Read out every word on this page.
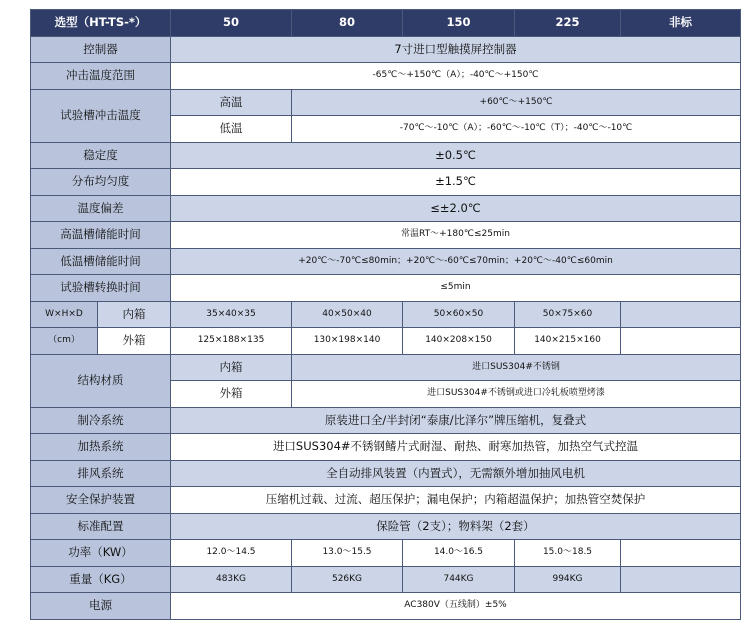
选型（HT-TS-*）		50	80	150	225	非标
控制器		7寸进口型触摸屏控制器				
冲击温度范围		-65℃～+150℃（A）；-40℃～+150℃				
试验槽冲击温度		高温	+60℃～+150℃			
		低温	-70℃～-10℃（A）；-60℃～-10℃（T）；-40℃～-10℃			
稳定度		±0.5℃				
分布均匀度		±1.5℃				
温度偏差		≤±2.0℃				
高温槽储能时间		常温RT～+180℃≤25min				
低温槽储能时间		+20℃～-70℃≤80min；+20℃～-60℃≤70min；+20℃～-40℃≤60min				
试验槽转换时间		≤5min				
W×H×D	内箱	35×40×35	40×50×40	50×60×50	50×75×60	
（cm）	外箱	125×188×135	130×198×140	140×208×150	140×215×160	
结构材质		内箱	进口SUS304#不锈钢			
		外箱	进口SUS304#不锈钢或进口冷轧板喷塑烤漆			
制冷系统		原装进口全/半封闭“泰康/比泽尔”牌压缩机，复叠式				
加热系统		进口SUS304#不锈钢鳍片式耐湿、耐热、耐寒加热管，加热空气式控温				
排风系统		全自动排风装置（内置式），无需额外增加抽风电机				
安全保护装置		压缩机过载、过流、超压保护；漏电保护；内箱超温保护；加热管空焚保护				
标准配置		保险管（2支）；物料架（2套）				
功率（KW）		12.0～14.5	13.0～15.5	14.0～16.5	15.0～18.5	
重量（KG）		483KG	526KG	744KG	994KG	
电源		AC380V（五线制）±5%				
